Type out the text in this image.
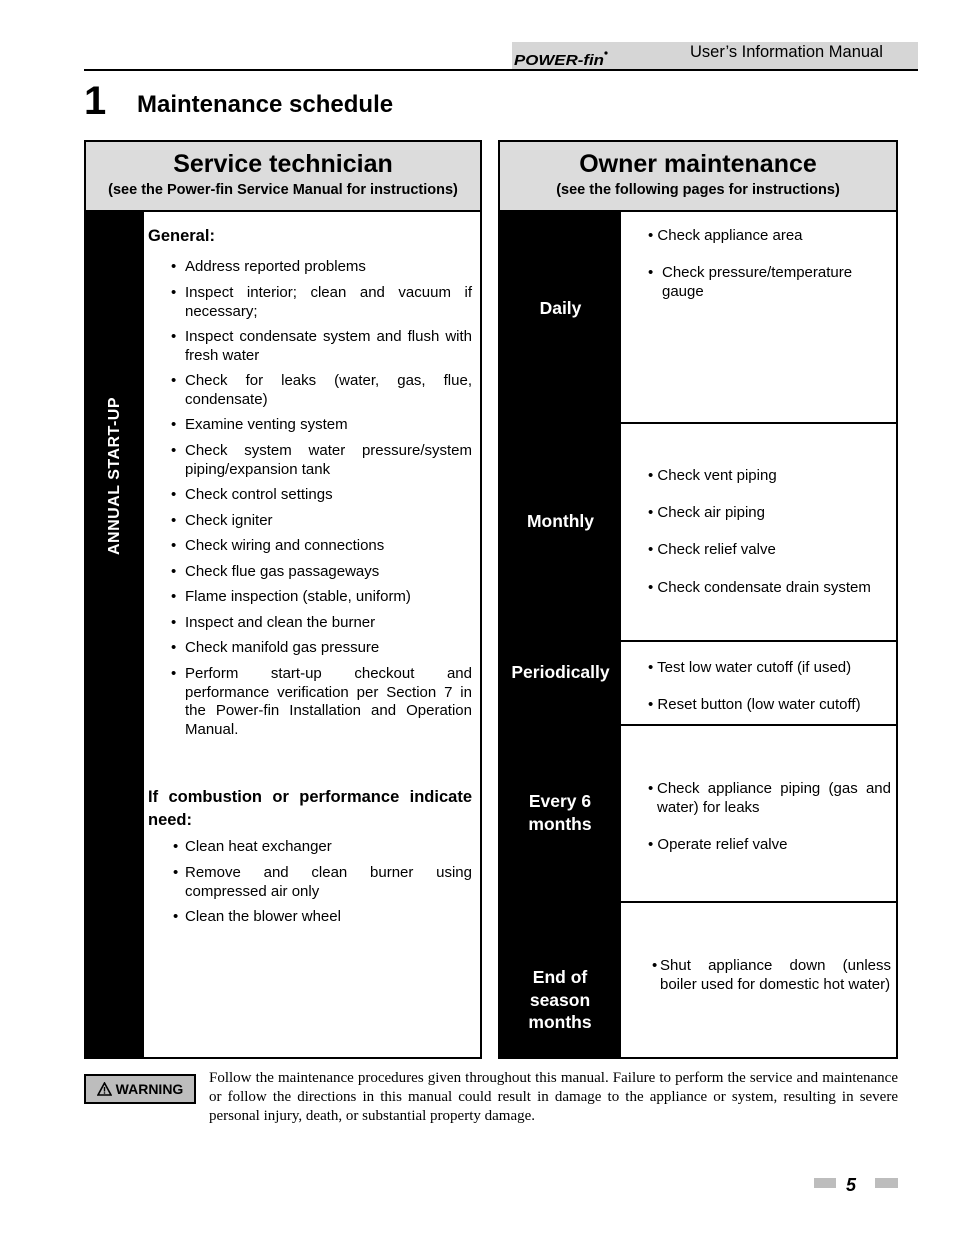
POWER-fin	User’s Information Manual
1 Maintenance schedule
Service technician
(see the Power-fin Service Manual for instructions)
ANNUAL START-UP
General:
• Address reported problems
• Inspect interior; clean and vacuum if necessary;
• Inspect condensate system and flush with fresh water
• Check for leaks (water, gas, flue, condensate)
• Examine venting system
• Check system water pressure/system piping/expansion tank
• Check control settings
• Check igniter
• Check wiring and connections
• Check flue gas passageways
• Flame inspection (stable, uniform)
• Inspect and clean the burner
• Check manifold gas pressure
• Perform start-up checkout and performance verification per Section 7 in the Power-fin Installation and Operation Manual.
If combustion or performance indicate need:
• Clean heat exchanger
• Remove and clean burner using compressed air only
• Clean the blower wheel
Owner maintenance
(see the following pages for instructions)
Daily
Monthly
Periodically
Every 6 months
End of season months
• Check appliance area
• Check pressure/temperature gauge
• Check vent piping
• Check air piping
• Check relief valve
• Check condensate drain system
• Test low water cutoff (if used)
• Reset button (low water cutoff)
• Check appliance piping (gas and water) for leaks
• Operate relief valve
• Shut appliance down (unless boiler used for domestic hot water)
WARNING
Follow the maintenance procedures given throughout this manual. Failure to perform the service and maintenance or follow the directions in this manual could result in damage to the appliance or system, resulting in severe personal injury, death, or substantial property damage.
5
